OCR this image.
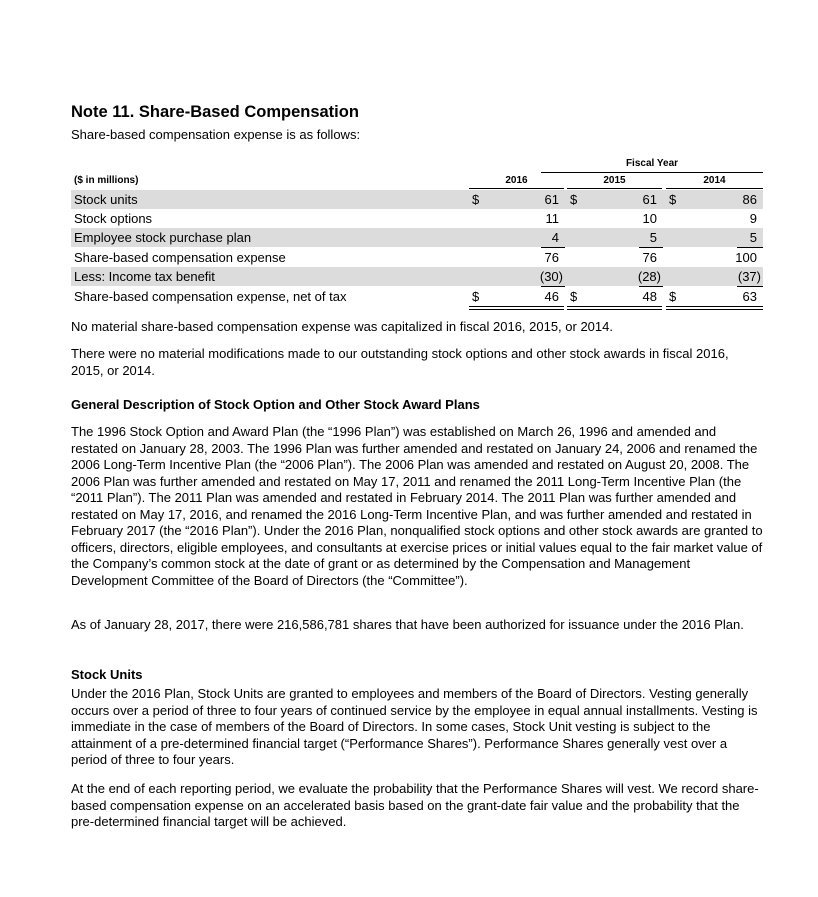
Note 11. Share-Based Compensation

Share-based compensation expense is as follows:

Fiscal Year
($ in millions)	2016	2015	2014
Stock units	$	61 $	61 $	86
Stock options	11	10	9
Employee stock purchase plan	4	5	5
Share-based compensation expense	76	76	100
Less: Income tax benefit	(30)	(28)	(37)
Share-based compensation expense, net of tax	$	46 $	48 $	63

No material share-based compensation expense was capitalized in fiscal 2016, 2015, or 2014.

There were no material modifications made to our outstanding stock options and other stock awards in fiscal 2016, 2015, or 2014.

General Description of Stock Option and Other Stock Award Plans

The 1996 Stock Option and Award Plan (the “1996 Plan”) was established on March 26, 1996 and amended and restated on January 28, 2003. The 1996 Plan was further amended and restated on January 24, 2006 and renamed the 2006 Long-Term Incentive Plan (the “2006 Plan”). The 2006 Plan was amended and restated on August 20, 2008. The 2006 Plan was further amended and restated on May 17, 2011 and renamed the 2011 Long-Term Incentive Plan (the “2011 Plan”). The 2011 Plan was amended and restated in February 2014. The 2011 Plan was further amended and restated on May 17, 2016, and renamed the 2016 Long-Term Incentive Plan, and was further amended and restated in February 2017 (the “2016 Plan”). Under the 2016 Plan, nonqualified stock options and other stock awards are granted to officers, directors, eligible employees, and consultants at exercise prices or initial values equal to the fair market value of the Company’s common stock at the date of grant or as determined by the Compensation and Management Development Committee of the Board of Directors (the “Committee”).

As of January 28, 2017, there were 216,586,781 shares that have been authorized for issuance under the 2016 Plan.

Stock Units

Under the 2016 Plan, Stock Units are granted to employees and members of the Board of Directors. Vesting generally occurs over a period of three to four years of continued service by the employee in equal annual installments. Vesting is immediate in the case of members of the Board of Directors. In some cases, Stock Unit vesting is subject to the attainment of a pre-determined financial target (“Performance Shares”). Performance Shares generally vest over a period of three to four years.

At the end of each reporting period, we evaluate the probability that the Performance Shares will vest. We record share-based compensation expense on an accelerated basis based on the grant-date fair value and the probability that the pre-determined financial target will be achieved.
